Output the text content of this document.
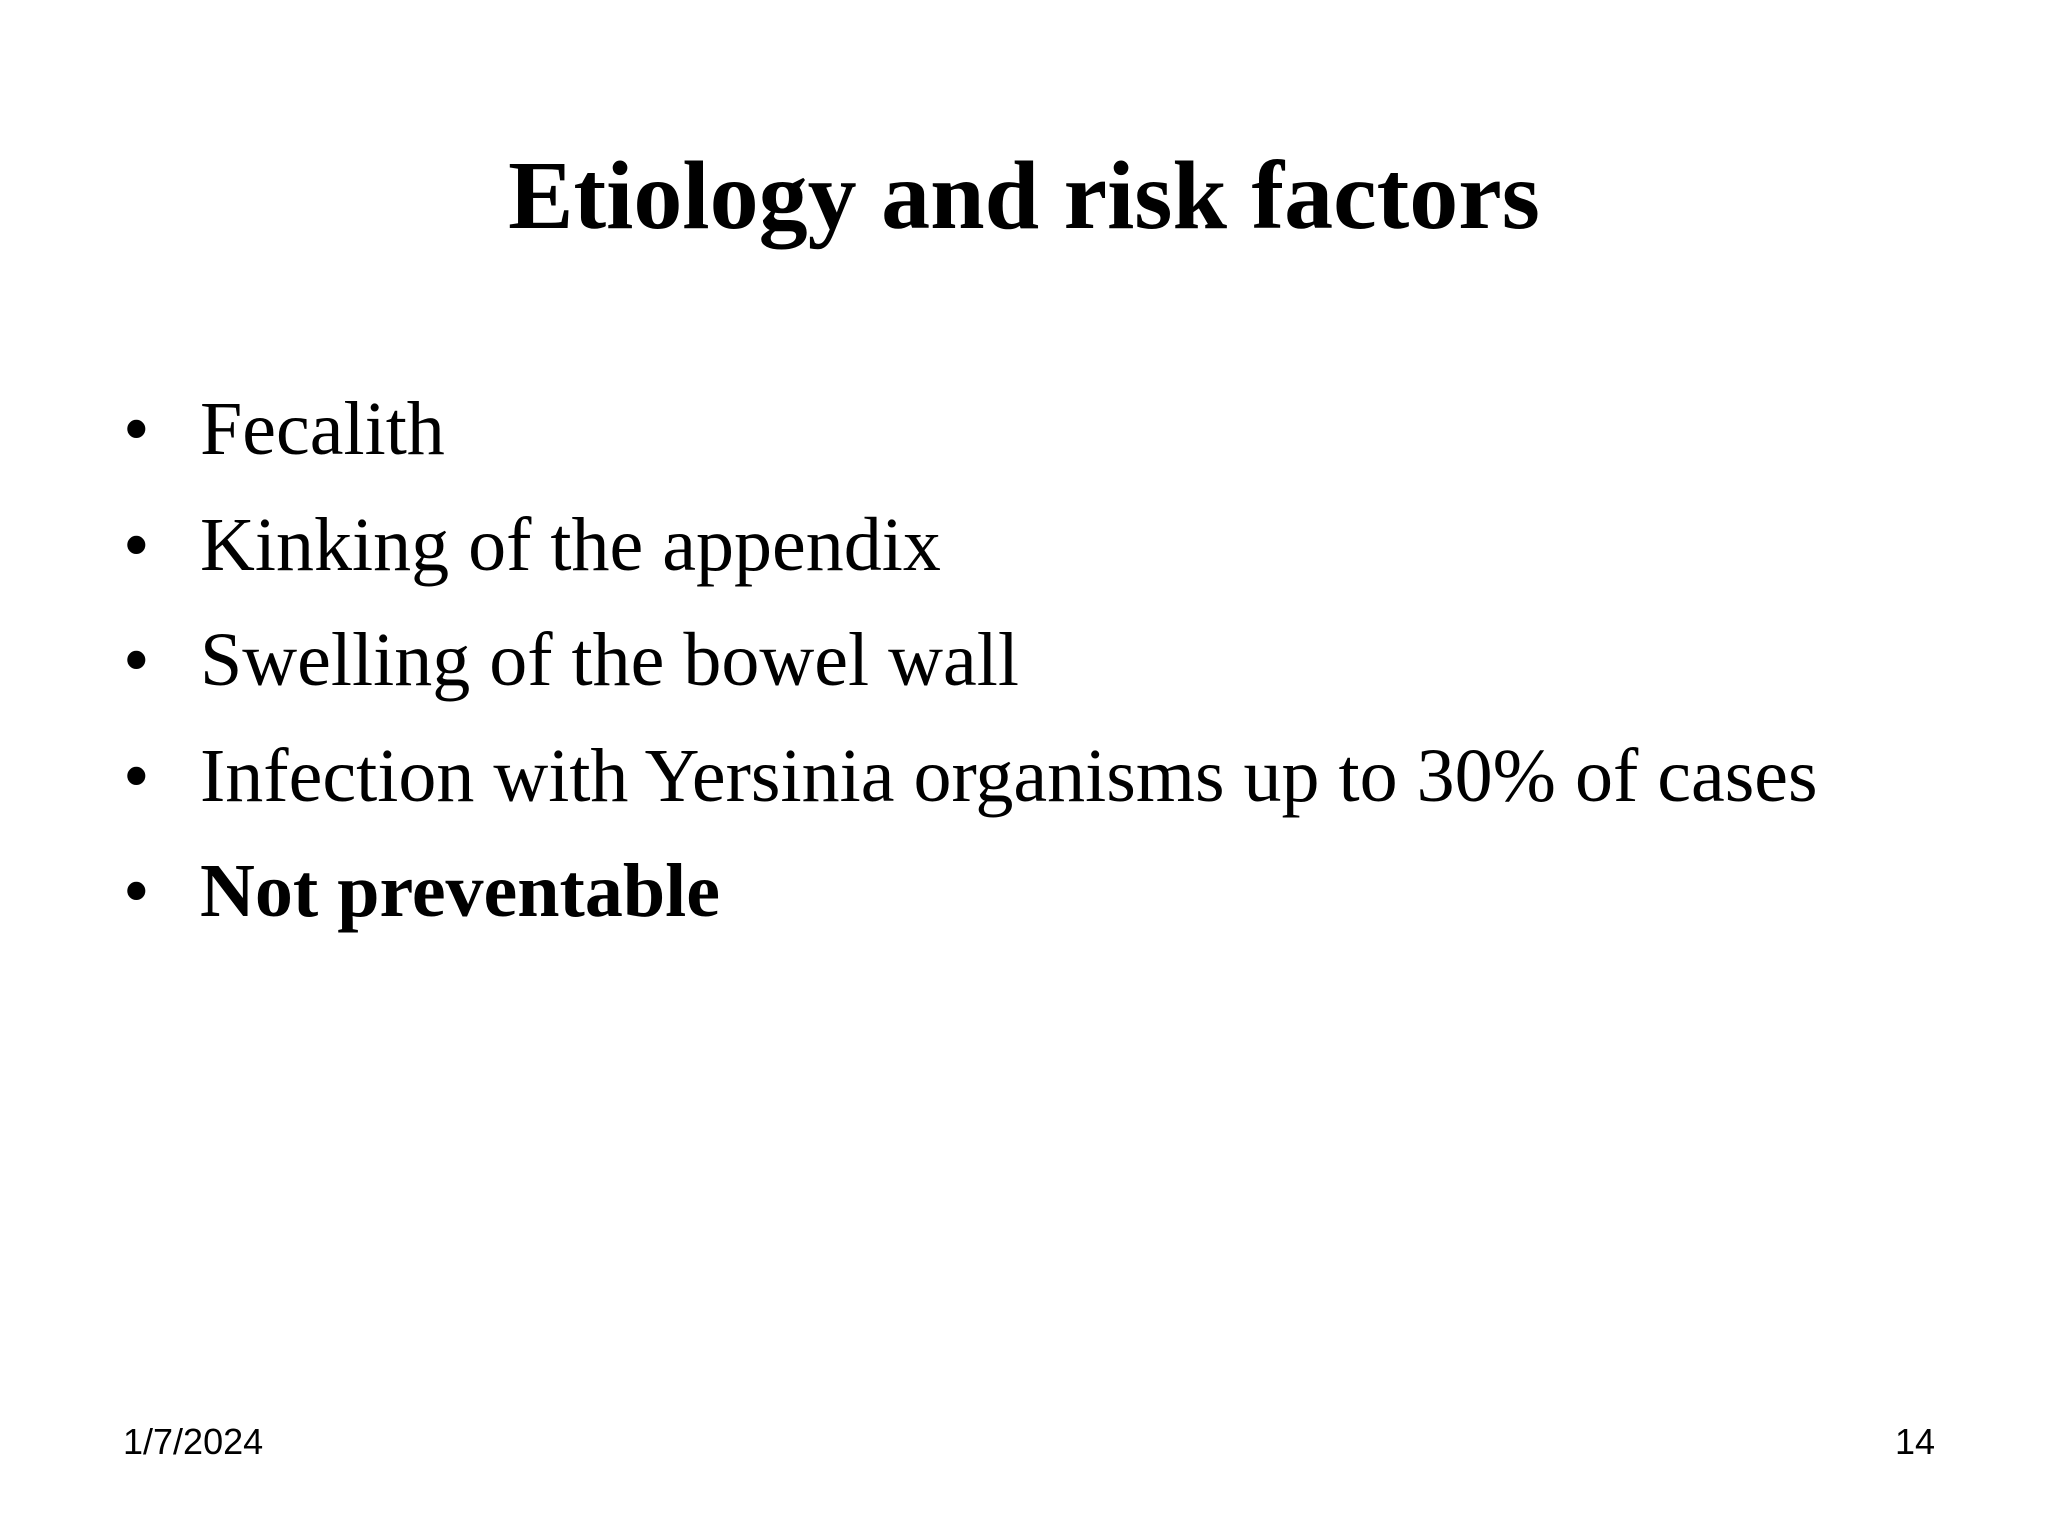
Etiology and risk factors
• Fecalith
• Kinking of the appendix
• Swelling of the bowel wall
• Infection with Yersinia organisms up to 30% of cases
• Not preventable
1/7/2024	14
